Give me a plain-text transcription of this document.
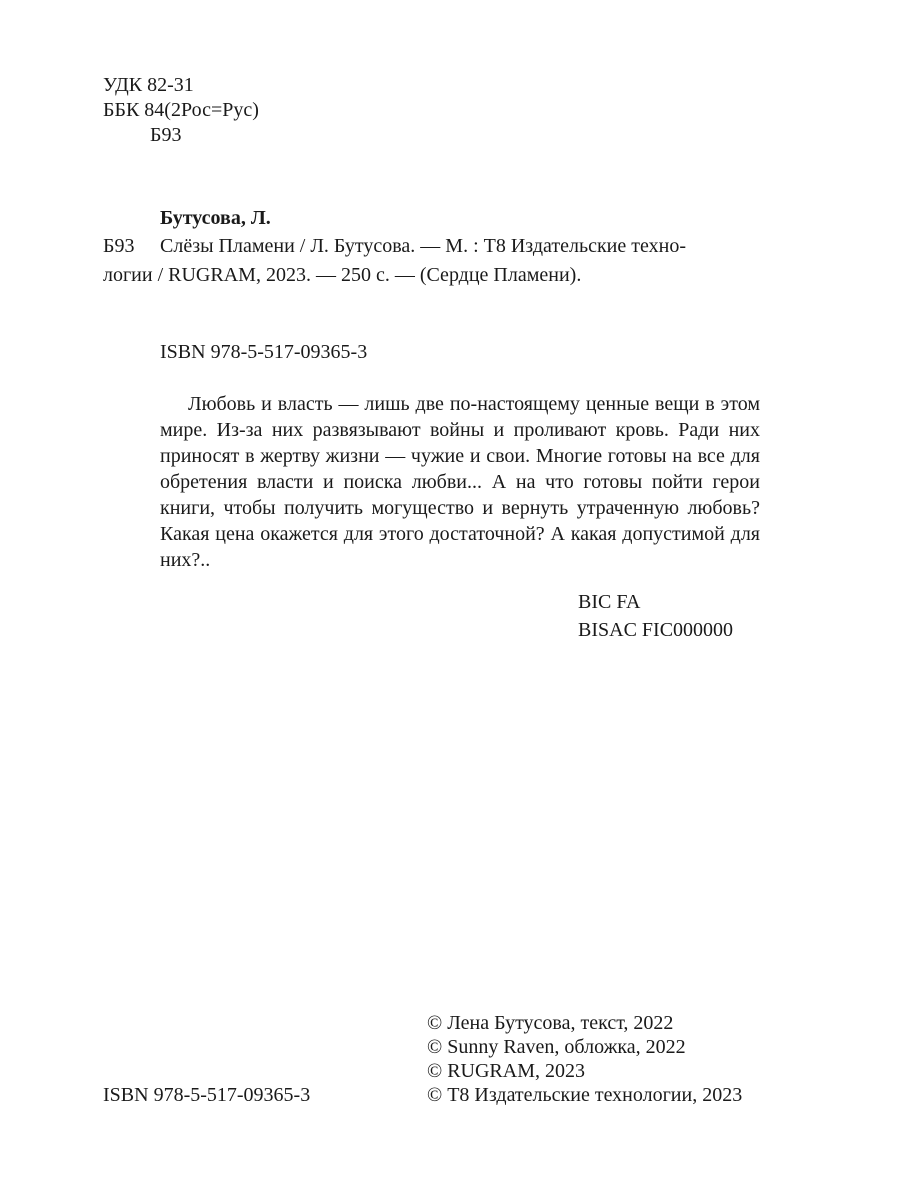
УДК 82-31
ББК 84(2Рос=Рус)
Б93
Бутусова, Л.
Б93 Слёзы Пламени / Л. Бутусова. — М. : Т8 Издательские техно-
логии / RUGRAM, 2023. — 250 с. — (Сердце Пламени).
ISBN 978-5-517-09365-3

Любовь и власть — лишь две по-настоящему ценные вещи в этом мире. Из-за них развязывают войны и проливают кровь. Ради них приносят в жертву жизни — чужие и свои. Многие готовы на все для обретения власти и поиска любви... А на что готовы пойти герои книги, чтобы получить могущество и вернуть утраченную любовь? Какая цена окажется для этого достаточной? А какая допустимой для них?..

BIC FA
BISAC FIC000000
© Лена Бутусова, текст, 2022
© Sunny Raven, обложка, 2022
© RUGRAM, 2023
© Т8 Издательские технологии, 2023
ISBN 978-5-517-09365-3
